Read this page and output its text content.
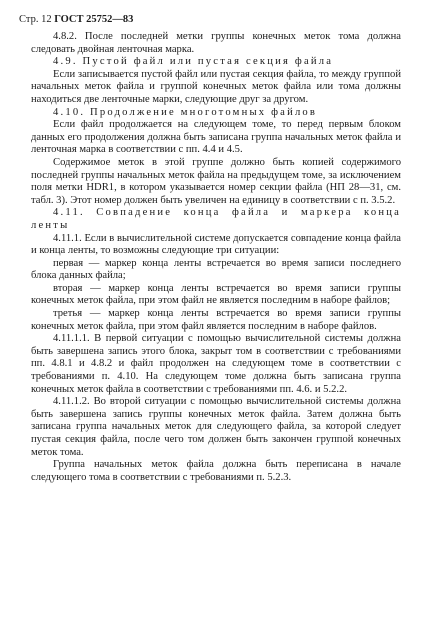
Стр. 12 ГОСТ 25752—83

4.8.2. После последней метки группы конечных меток тома должна следовать двойная ленточная марка.

4.9. Пустой файл или пустая секция файла

Если записывается пустой файл или пустая секция файла, то между группой начальных меток файла и группой конечных меток файла или тома должны находиться две ленточные марки, следующие друг за другом.

4.10. Продолжение многотомных файлов

Если файл продолжается на следующем томе, то перед первым блоком данных его продолжения должна быть записана группа начальных меток файла и ленточная марка в соответствии с пп. 4.4 и 4.5.

Содержимое меток в этой группе должно быть копией содержимого последней группы начальных меток файла на предыдущем томе, за исключением поля метки HDR1, в котором указывается номер секции файла (НП 28—31, см. табл. 3). Этот номер должен быть увеличен на единицу в соответствии с п. 3.5.2.

4.11. Совпадение конца файла и маркера конца ленты

4.11.1. Если в вычислительной системе допускается совпадение конца файла и конца ленты, то возможны следующие три ситуации:

первая — маркер конца ленты встречается во время записи последнего блока данных файла;

вторая — маркер конца ленты встречается во время записи группы конечных меток файла, при этом файл не является последним в наборе файлов;

третья — маркер конца ленты встречается во время записи группы конечных меток файла, при этом файл является последним в наборе файлов.

4.11.1.1. В первой ситуации с помощью вычислительной системы должна быть завершена запись этого блока, закрыт том в соответствии с требованиями пп. 4.8.1 и 4.8.2 и файл продолжен на следующем томе в соответствии с требованиями п. 4.10. На следующем томе должна быть записана группа конечных меток файла в соответствии с требованиями пп. 4.6. и 5.2.2.

4.11.1.2. Во второй ситуации с помощью вычислительной системы должна быть завершена запись группы конечных меток файла. Затем должна быть записана группа начальных меток для следующего файла, за которой следует пустая секция файла, после чего том должен быть закончен группой конечных меток тома.

Группа начальных меток файла должна быть переписана в начале следующего тома в соответствии с требованиями п. 5.2.3.
